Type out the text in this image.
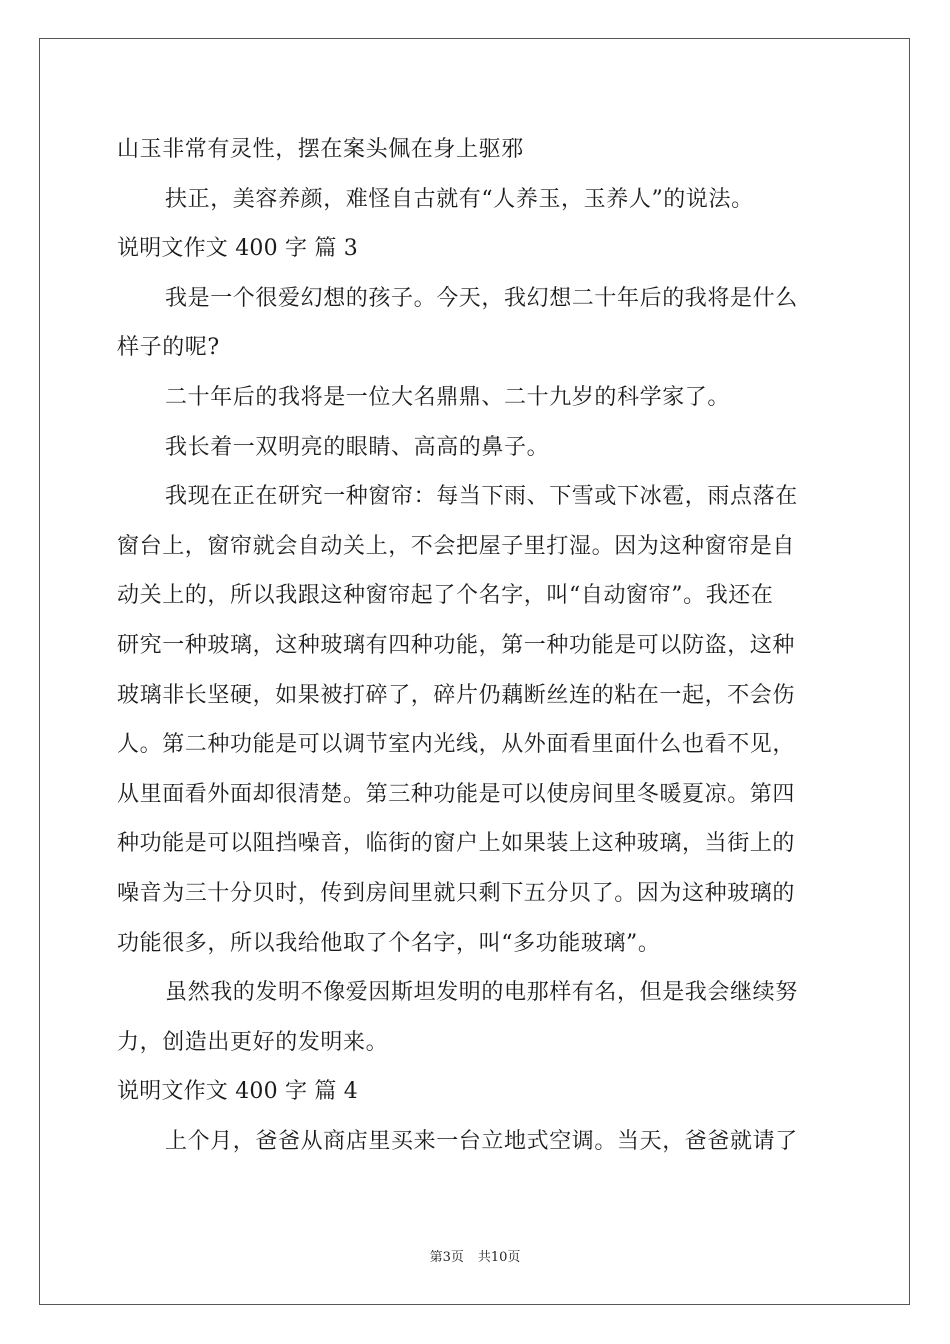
山玉非常有灵性，摆在案头佩在身上驱邪
扶正，美容养颜，难怪自古就有“人养玉，玉养人”的说法。
说明文作文 400 字 篇 3
我是一个很爱幻想的孩子。今天，我幻想二十年后的我将是什么
样子的呢?
二十年后的我将是一位大名鼎鼎、二十九岁的科学家了。
我长着一双明亮的眼睛、高高的鼻子。
我现在正在研究一种窗帘：每当下雨、下雪或下冰雹，雨点落在
窗台上，窗帘就会自动关上，不会把屋子里打湿。因为这种窗帘是自
动关上的，所以我跟这种窗帘起了个名字，叫“自动窗帘”。我还在
研究一种玻璃，这种玻璃有四种功能，第一种功能是可以防盗，这种
玻璃非长坚硬，如果被打碎了，碎片仍藕断丝连的粘在一起，不会伤
人。第二种功能是可以调节室内光线，从外面看里面什么也看不见，
从里面看外面却很清楚。第三种功能是可以使房间里冬暖夏凉。第四
种功能是可以阻挡噪音，临街的窗户上如果装上这种玻璃，当街上的
噪音为三十分贝时，传到房间里就只剩下五分贝了。因为这种玻璃的
功能很多，所以我给他取了个名字，叫“多功能玻璃”。
虽然我的发明不像爱因斯坦发明的电那样有名，但是我会继续努
力，创造出更好的发明来。
说明文作文 400 字 篇 4
上个月，爸爸从商店里买来一台立地式空调。当天，爸爸就请了
第3页 共10页
